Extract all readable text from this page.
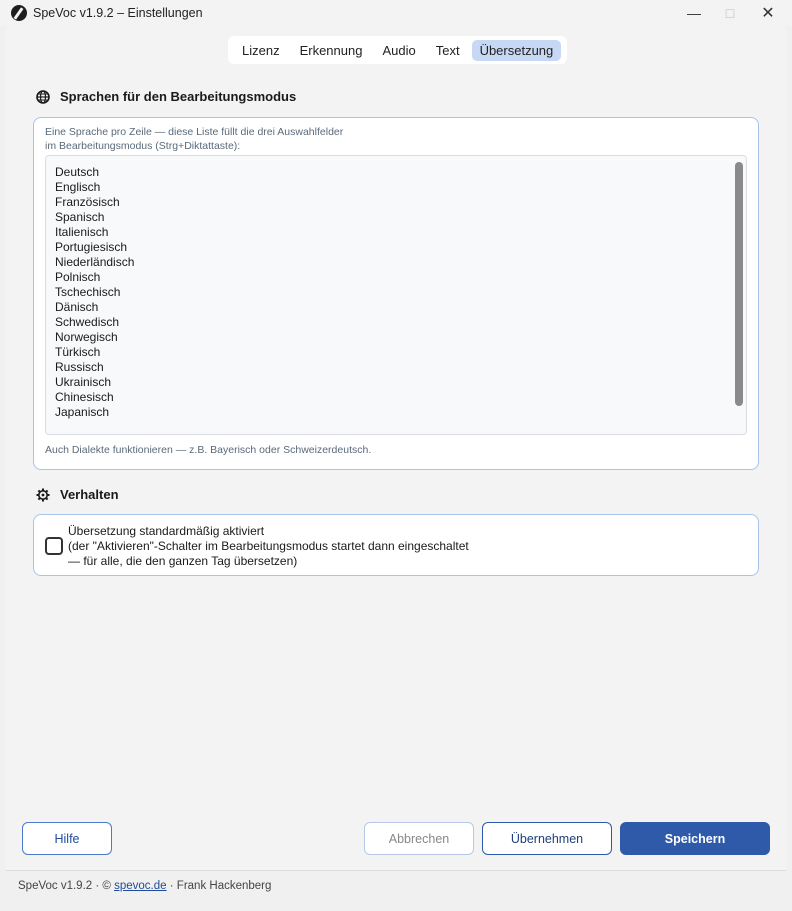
SpeVoc v1.9.2 – Einstellungen	—	□	✕
Lizenz	Erkennung	Audio	Text	Übersetzung
Sprachen für den Bearbeitungsmodus
Eine Sprache pro Zeile — diese Liste füllt die drei Auswahlfelder
im Bearbeitungsmodus (Strg+Diktattaste):
Deutsch
Englisch
Französisch
Spanisch
Italienisch
Portugiesisch
Niederländisch
Polnisch
Tschechisch
Dänisch
Schwedisch
Norwegisch
Türkisch
Russisch
Ukrainisch
Chinesisch
Japanisch
Auch Dialekte funktionieren — z.B. Bayerisch oder Schweizerdeutsch.
Verhalten
Übersetzung standardmäßig aktiviert
(der "Aktivieren"-Schalter im Bearbeitungsmodus startet dann eingeschaltet
— für alle, die den ganzen Tag übersetzen)
Hilfe	Abbrechen	Übernehmen	Speichern
SpeVoc v1.9.2 · © spevoc.de · Frank Hackenberg
